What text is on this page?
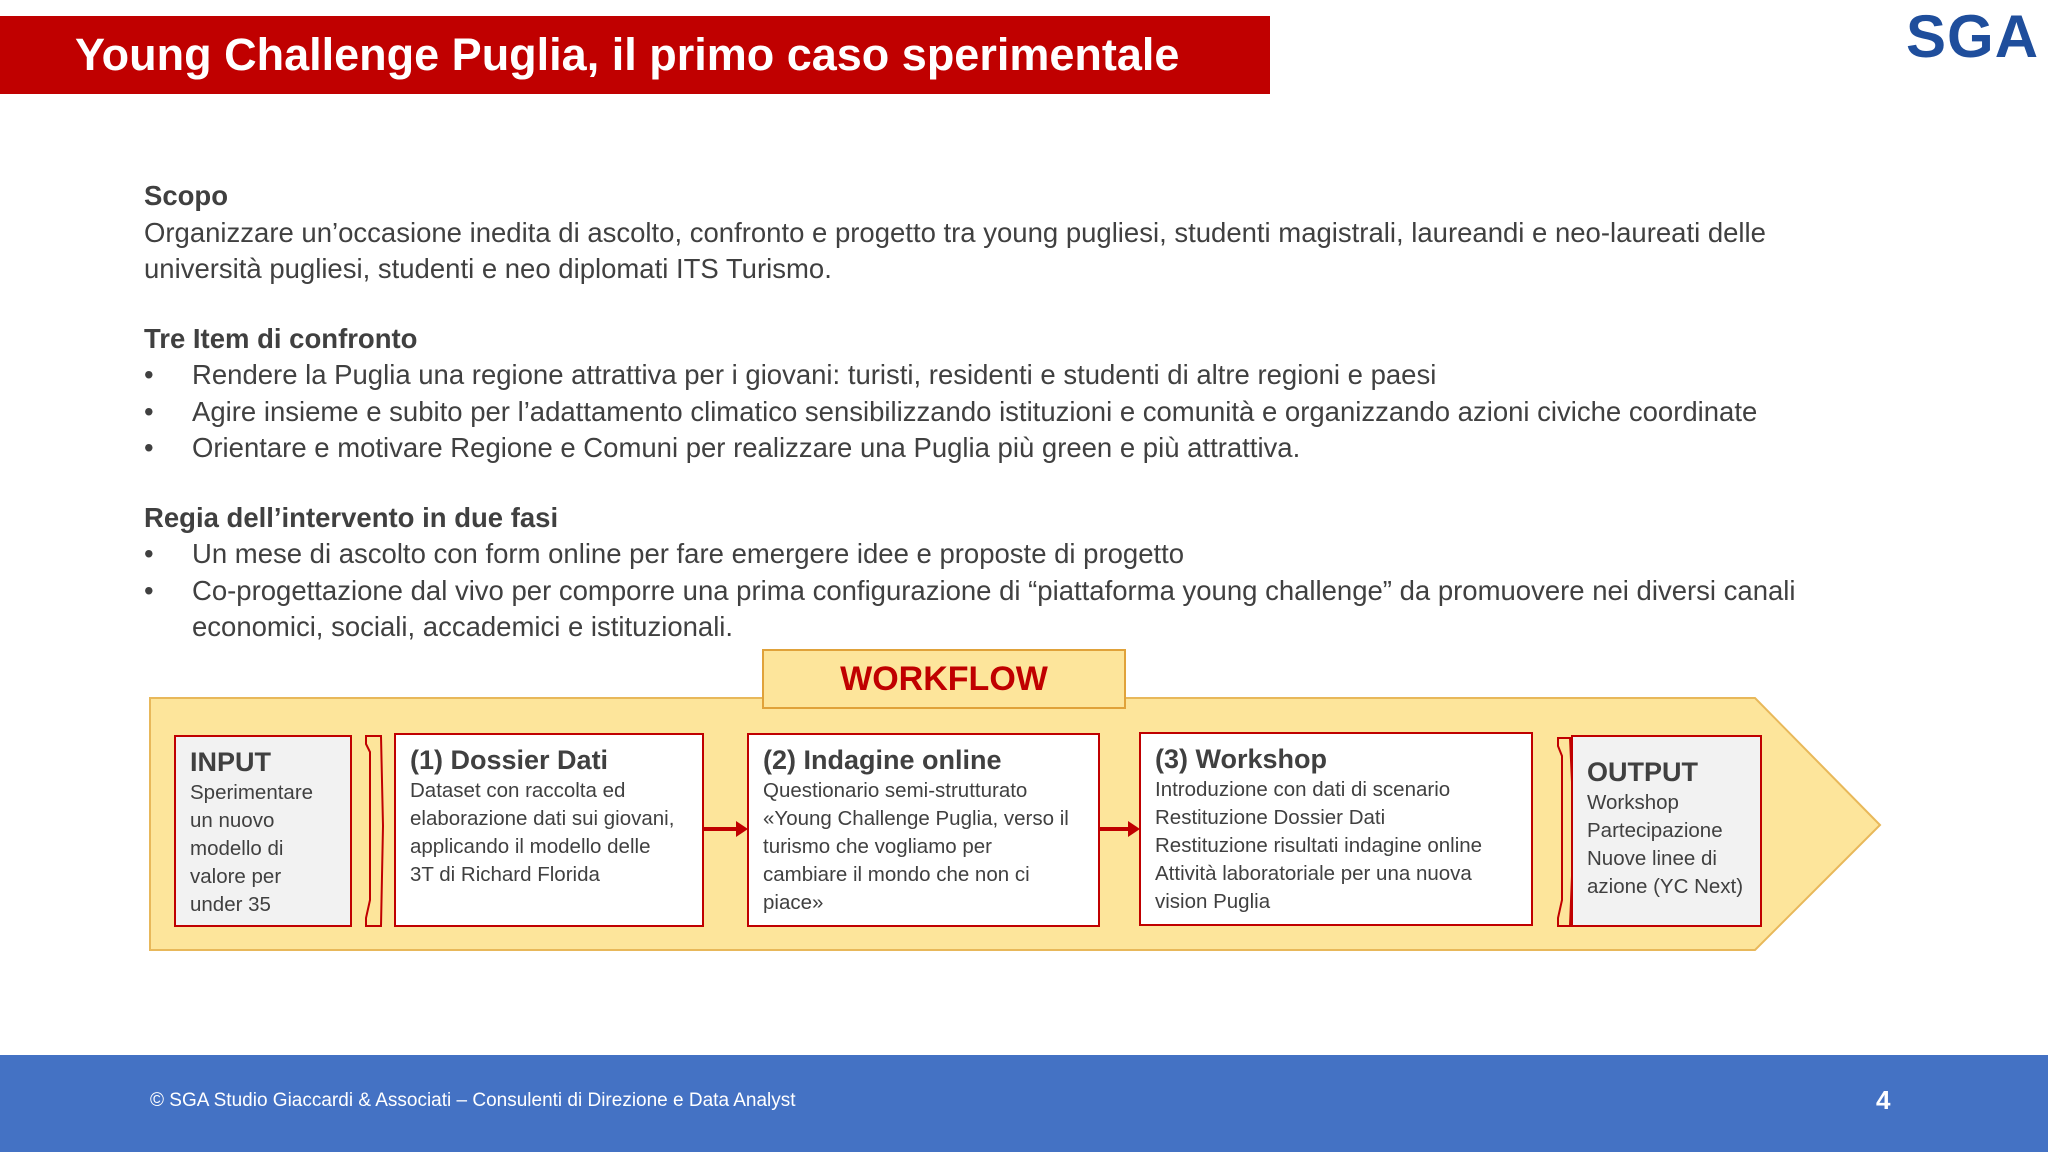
Young Challenge Puglia, il primo caso sperimentale	SGA
Scopo

Organizzare un’occasione inedita di ascolto, confronto e progetto tra young pugliesi, studenti magistrali, laureandi e neo-laureati delle università pugliesi, studenti e neo diplomati ITS Turismo.

Tre Item di confronto
• Rendere la Puglia una regione attrattiva per i giovani: turisti, residenti e studenti di altre regioni e paesi
• Agire insieme e subito per l’adattamento climatico sensibilizzando istituzioni e comunità e organizzando azioni civiche coordinate
• Orientare e motivare Regione e Comuni per realizzare una Puglia più green e più attrattiva.
Regia dell’intervento in due fasi
• Un mese di ascolto con form online per fare emergere idee e proposte di progetto
• Co-progettazione dal vivo per comporre una prima configurazione di “piattaforma young challenge” da promuovere nei diversi canali economici, sociali, accademici e istituzionali.
WORKFLOW
INPUT
Sperimentare
un nuovo
modello di
valore per
under 35
(1) Dossier Dati
Dataset con raccolta ed
elaborazione dati sui giovani,
applicando il modello delle
3T di Richard Florida
(2) Indagine online
Questionario semi-strutturato
«Young Challenge Puglia, verso il
turismo che vogliamo per
cambiare il mondo che non ci
piace»
(3) Workshop
Introduzione con dati di scenario
Restituzione Dossier Dati
Restituzione risultati indagine online
Attività laboratoriale per una nuova
vision Puglia
OUTPUT
Workshop
Partecipazione
Nuove linee di
azione (YC Next)
© SGA Studio Giaccardi & Associati – Consulenti di Direzione e Data Analyst	4
